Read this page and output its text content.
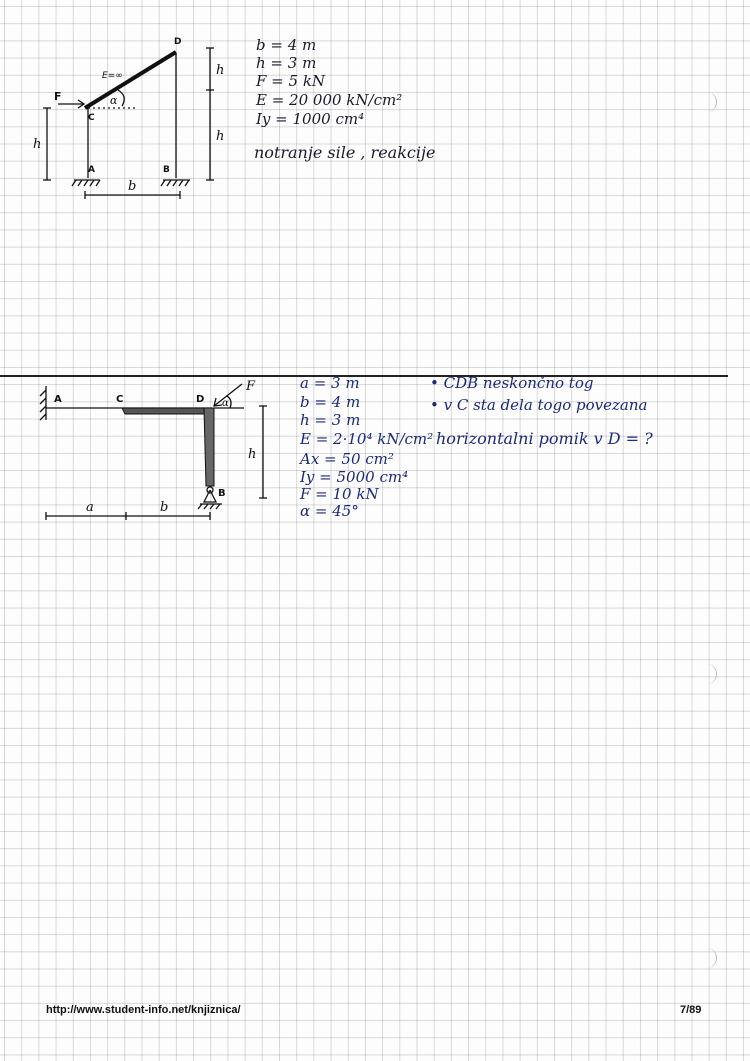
D
C
A	B
F
E=∞
α
b
h
h
h
b = 4 m
h = 3 m
F = 5 kN
E = 20 000 kN/cm²
Iy = 1000 cm⁴
notranje sile , reakcije
A	C	D
F
α
B
h
a	b
a = 3 m
b = 4 m
h = 3 m
E = 2·10⁴ kN/cm²
Ax = 50 cm²
Iy = 5000 cm⁴
F = 10 kN
α = 45°
• CDB neskončno tog
• v C sta dela togo povezana
horizontalni pomik v D = ?
http://www.student-info.net/knjiznica/	7/89
